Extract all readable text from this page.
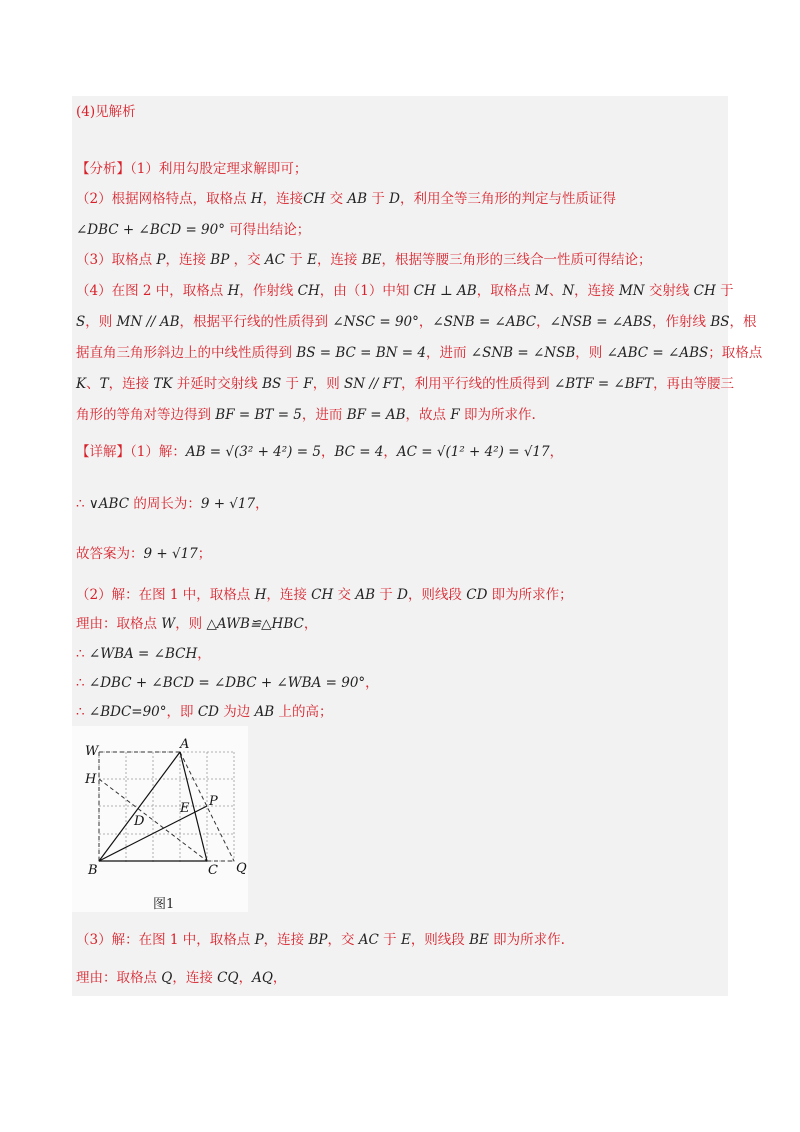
(4)见解析
【分析】（1）利用勾股定理求解即可；
（2）根据网格特点，取格点 H，连接CH 交 AB 于 D，利用全等三角形的判定与性质证得
∠DBC + ∠BCD = 90° 可得出结论；
（3）取格点 P，连接 BP ，交 AC 于 E，连接 BE，根据等腰三角形的三线合一性质可得结论；
（4）在图 2 中，取格点 H，作射线 CH，由（1）中知 CH ⊥ AB，取格点 M、N，连接 MN 交射线 CH 于
S，则 MN // AB，根据平行线的性质得到 ∠NSC = 90°，∠SNB = ∠ABC，∠NSB = ∠ABS，作射线 BS，根
据直角三角形斜边上的中线性质得到 BS = BC = BN = 4，进而 ∠SNB = ∠NSB，则 ∠ABC = ∠ABS；取格点
K、T，连接 TK 并延时交射线 BS 于 F，则 SN // FT，利用平行线的性质得到 ∠BTF = ∠BFT，再由等腰三
角形的等角对等边得到 BF = BT = 5，进而 BF = AB，故点 F 即为所求作.
【详解】（1）解：AB = √(3² + 4²) = 5，BC = 4，AC = √(1² + 4²) = √17，
∴ ∨ABC 的周长为：9 + √17，
故答案为：9 + √17；
（2）解：在图 1 中，取格点 H，连接 CH 交 AB 于 D，则线段 CD 即为所求作；
理由：取格点 W，则 △AWB≌△HBC，
∴ ∠WBA = ∠BCH，
∴ ∠DBC + ∠BCD = ∠DBC + ∠WBA = 90°，
∴ ∠BDC=90°，即 CD 为边 AB 上的高；
（3）解：在图 1 中，取格点 P，连接 BP，交 AC 于 E，则线段 BE 即为所求作.
理由：取格点 Q，连接 CQ，AQ，
W	A
H
E P
D
B	C Q
图1
